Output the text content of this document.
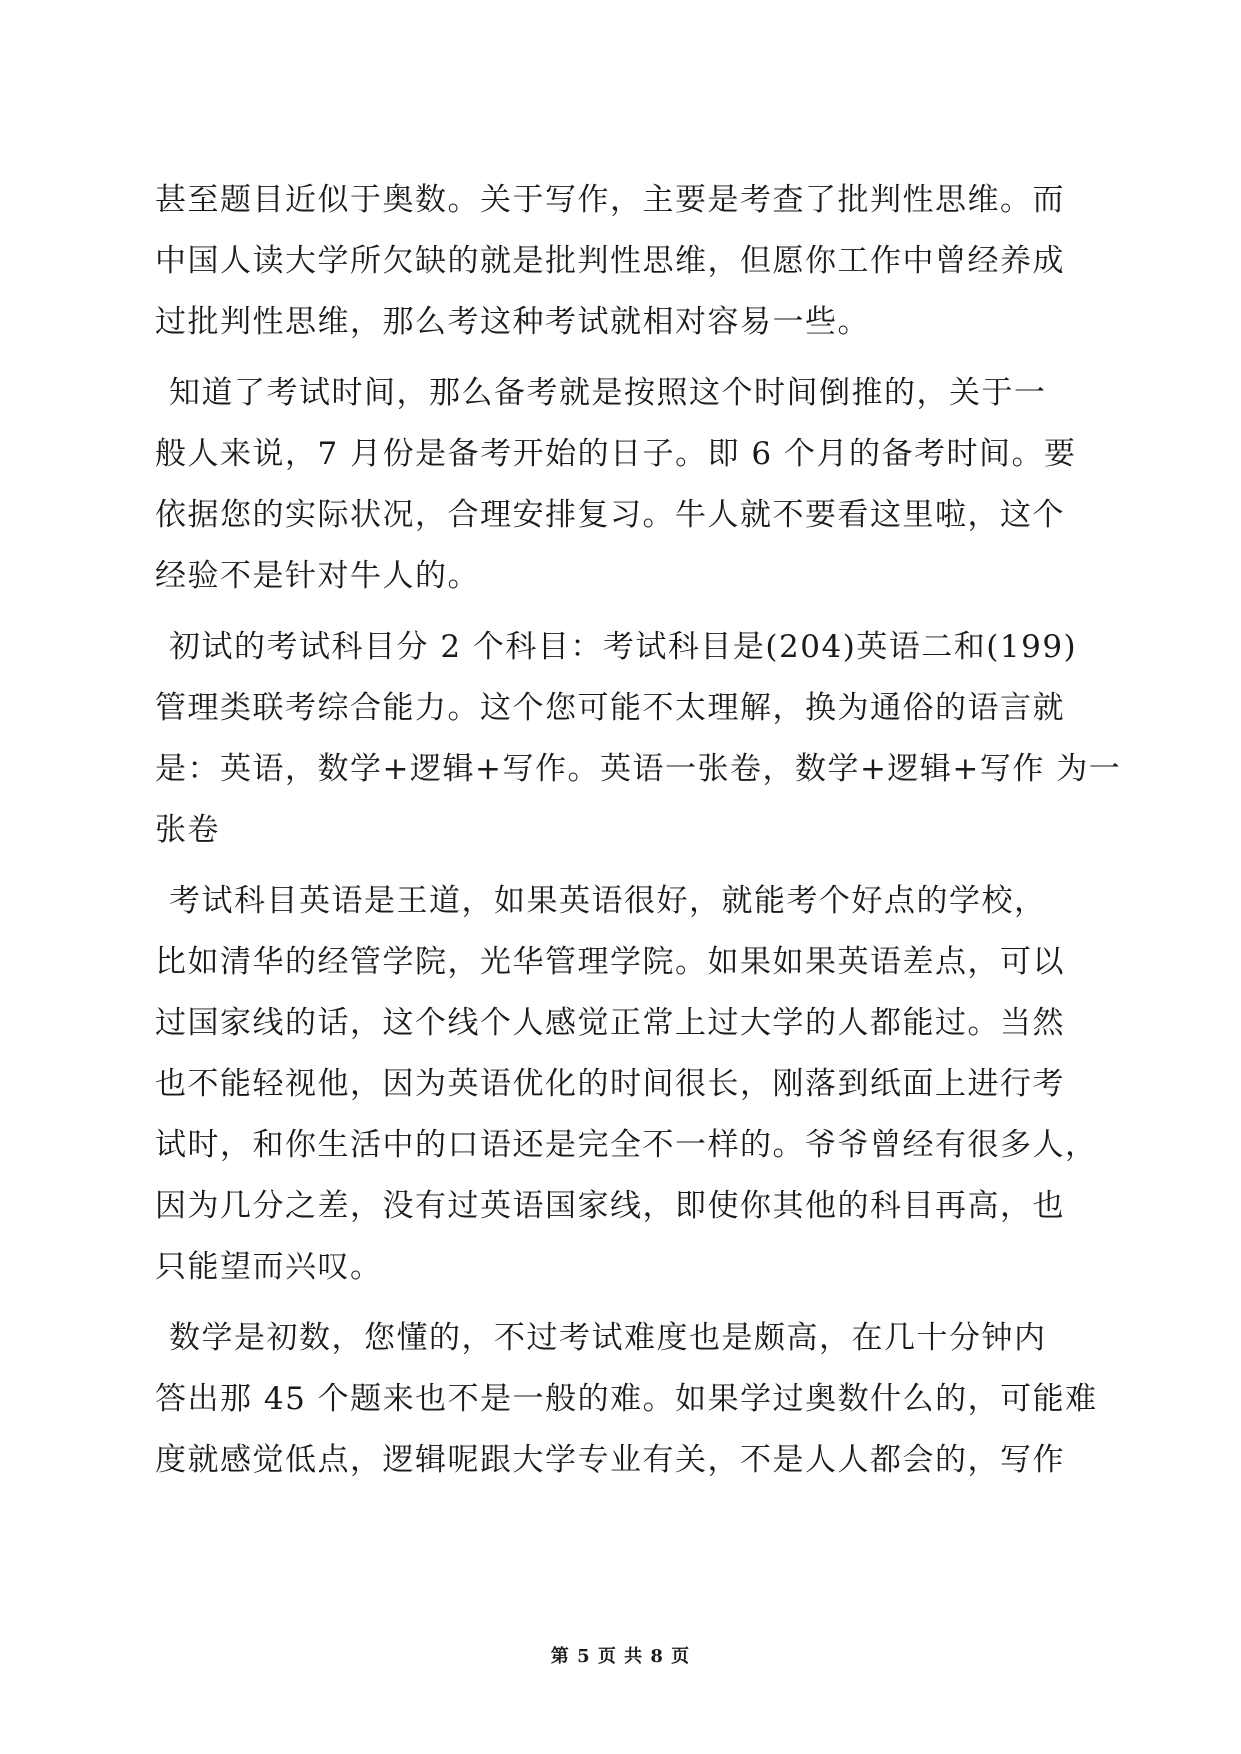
甚至题目近似于奥数。关于写作，主要是考查了批判性思维。而
中国人读大学所欠缺的就是批判性思维，但愿你工作中曾经养成
过批判性思维，那么考这种考试就相对容易一些。
知道了考试时间，那么备考就是按照这个时间倒推的，关于一
般人来说，7 月份是备考开始的日子。即 6 个月的备考时间。要
依据您的实际状况，合理安排复习。牛人就不要看这里啦，这个
经验不是针对牛人的。
初试的考试科目分 2 个科目：考试科目是(204)英语二和(199)
管理类联考综合能力。这个您可能不太理解，换为通俗的语言就
是：英语，数学+逻辑+写作。英语一张卷，数学+逻辑+写作 为一
张卷
考试科目英语是王道，如果英语很好，就能考个好点的学校，
比如清华的经管学院，光华管理学院。如果如果英语差点，可以
过国家线的话，这个线个人感觉正常上过大学的人都能过。当然
也不能轻视他，因为英语优化的时间很长，刚落到纸面上进行考
试时，和你生活中的口语还是完全不一样的。爷爷曾经有很多人，
因为几分之差，没有过英语国家线，即使你其他的科目再高，也
只能望而兴叹。
数学是初数，您懂的，不过考试难度也是颇高，在几十分钟内
答出那 45 个题来也不是一般的难。如果学过奥数什么的，可能难
度就感觉低点，逻辑呢跟大学专业有关，不是人人都会的，写作
第 5 页 共 8 页
